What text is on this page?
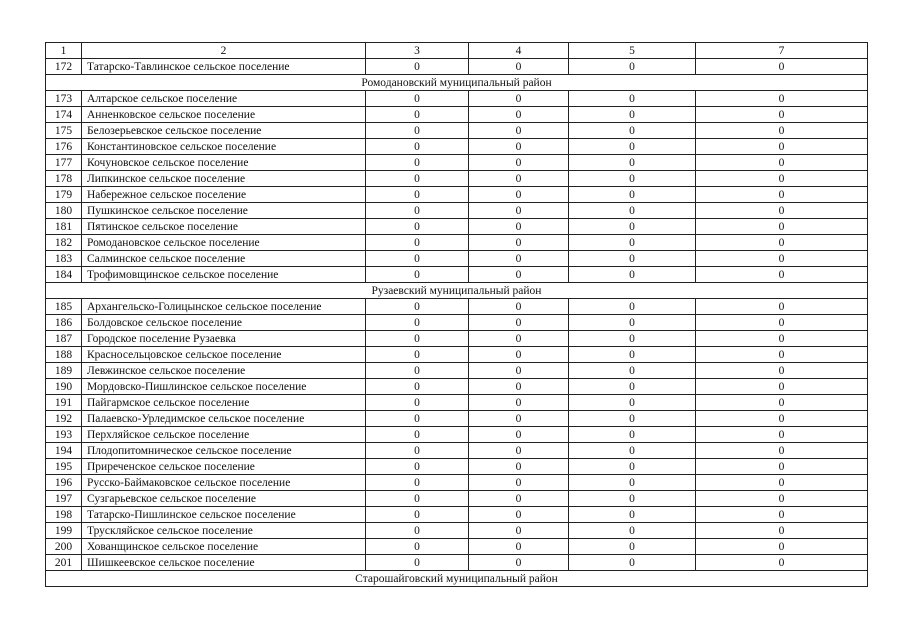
1	2	3	4	5	7
172	Татарско-Тавлинское сельское поселение	0	0	0	0
Ромодановский муниципальный район					
173	Алтарское сельское поселение	0	0	0	0
174	Анненковское сельское поселение	0	0	0	0
175	Белозерьевское сельское поселение	0	0	0	0
176	Константиновское сельское поселение	0	0	0	0
177	Кочуновское сельское поселение	0	0	0	0
178	Липкинское сельское поселение	0	0	0	0
179	Набережное сельское поселение	0	0	0	0
180	Пушкинское сельское поселение	0	0	0	0
181	Пятинское сельское поселение	0	0	0	0
182	Ромодановское сельское поселение	0	0	0	0
183	Салминское сельское поселение	0	0	0	0
184	Трофимовщинское сельское поселение	0	0	0	0
Рузаевский муниципальный район					
185	Архангельско-Голицынское сельское поселение	0	0	0	0
186	Болдовское сельское поселение	0	0	0	0
187	Городское поселение Рузаевка	0	0	0	0
188	Красносельцовское сельское поселение	0	0	0	0
189	Левжинское сельское поселение	0	0	0	0
190	Мордовско-Пишлинское сельское поселение	0	0	0	0
191	Пайгармское сельское поселение	0	0	0	0
192	Палаевско-Урледимское сельское поселение	0	0	0	0
193	Перхляйское сельское поселение	0	0	0	0
194	Плодопитомническое сельское поселение	0	0	0	0
195	Приреченское сельское поселение	0	0	0	0
196	Русско-Баймаковское сельское поселение	0	0	0	0
197	Сузгарьевское сельское поселение	0	0	0	0
198	Татарско-Пишлинское сельское поселение	0	0	0	0
199	Трускляйское сельское поселение	0	0	0	0
200	Хованщинское сельское поселение	0	0	0	0
201	Шишкеевское сельское поселение	0	0	0	0
Старошайговский муниципальный район					
